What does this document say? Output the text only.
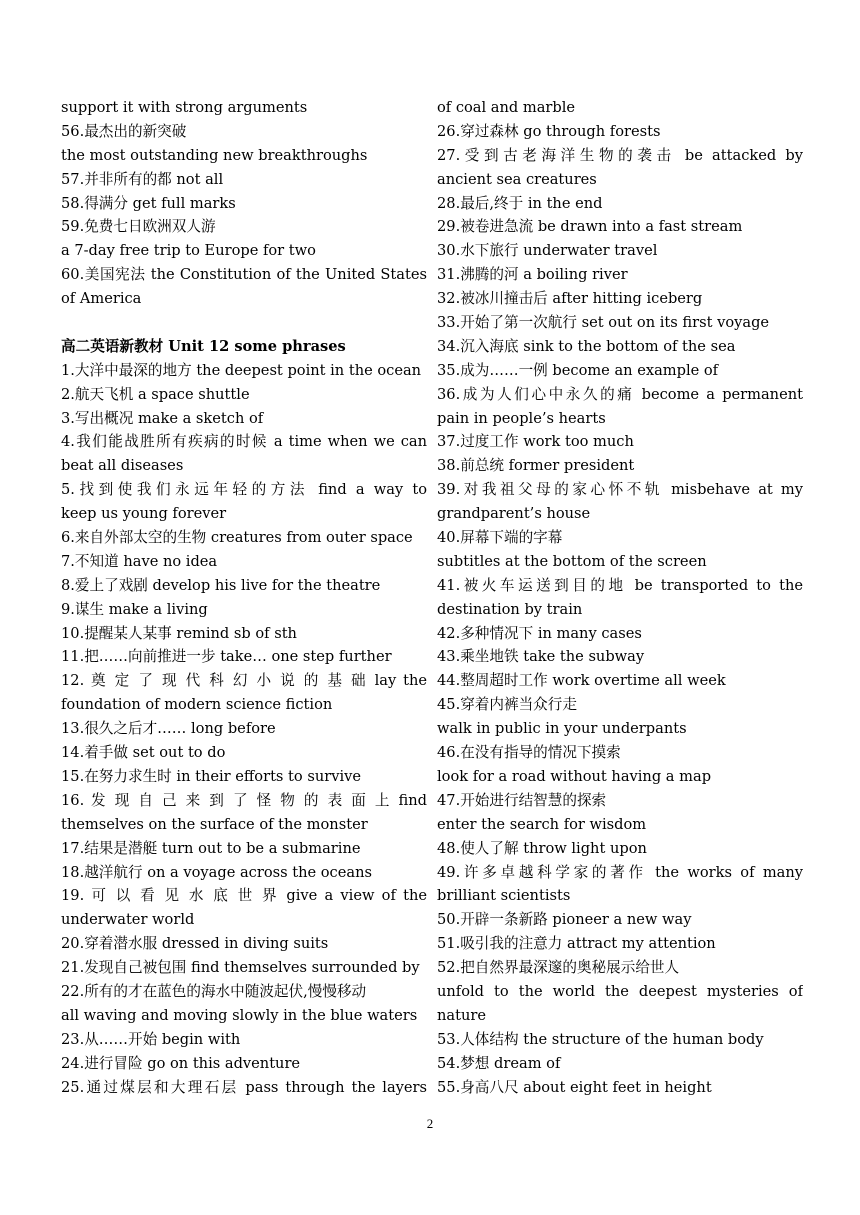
support it with strong arguments
56.最杰出的新突破
the most outstanding new breakthroughs
57.并非所有的都 not all
58.得满分 get full marks
59.免费七日欧洲双人游
a 7-day free trip to Europe for two
60.美国宪法 the Constitution of the United States
of America
高二英语新教材 Unit 12 some phrases
1.大洋中最深的地方 the deepest point in the ocean
2.航天飞机 a space shuttle
3.写出概况 make a sketch of
4.我们能战胜所有疾病的时候 a time when we can
beat all diseases
5.找到使我们永远年轻的方法 find a way to
keep us young forever
6.来自外部太空的生物 creatures from outer space
7.不知道 have no idea
8.爱上了戏剧 develop his live for the theatre
9.谋生 make a living
10.提醒某人某事 remind sb of sth
11.把……向前推进一步 take… one step further
12. 奠 定 了 现 代 科 幻 小 说 的 基 础 lay the
foundation of modern science fiction
13.很久之后才…… long before
14.着手做 set out to do
15.在努力求生时 in their efforts to survive
16. 发 现 自 己 来 到 了 怪 物 的 表 面 上 find
themselves on the surface of the monster
17.结果是潜艇 turn out to be a submarine
18.越洋航行 on a voyage across the oceans
19. 可 以 看 见 水 底 世 界 give a view of the
underwater world
20.穿着潜水服 dressed in diving suits
21.发现自己被包围 find themselves surrounded by
22.所有的才在蓝色的海水中随波起伏,慢慢移动
all waving and moving slowly in the blue waters
23.从……开始 begin with
24.进行冒险 go on this adventure
25.通过煤层和大理石层 pass through the layers
of coal and marble
26.穿过森林 go through forests
27.受到古老海洋生物的袭击 be attacked by
ancient sea creatures
28.最后,终于 in the end
29.被卷进急流 be drawn into a fast stream
30.水下旅行 underwater travel
31.沸腾的河 a boiling river
32.被冰川撞击后 after hitting iceberg
33.开始了第一次航行 set out on its first voyage
34.沉入海底 sink to the bottom of the sea
35.成为……一例 become an example of
36.成为人们心中永久的痛 become a permanent
pain in people’s hearts
37.过度工作 work too much
38.前总统 former president
39.对我祖父母的家心怀不轨 misbehave at my
grandparent’s house
40.屏幕下端的字幕
subtitles at the bottom of the screen
41.被火车运送到目的地 be transported to the
destination by train
42.多种情况下 in many cases
43.乘坐地铁 take the subway
44.整周超时工作 work overtime all week
45.穿着内裤当众行走
walk in public in your underpants
46.在没有指导的情况下摸索
look for a road without having a map
47.开始进行结智慧的探索
enter the search for wisdom
48.使人了解 throw light upon
49.许多卓越科学家的著作 the works of many
brilliant scientists
50.开辟一条新路 pioneer a new way
51.吸引我的注意力 attract my attention
52.把自然界最深邃的奥秘展示给世人
unfold to the world the deepest mysteries of
nature
53.人体结构 the structure of the human body
54.梦想 dream of
55.身高八尺 about eight feet in height
2
